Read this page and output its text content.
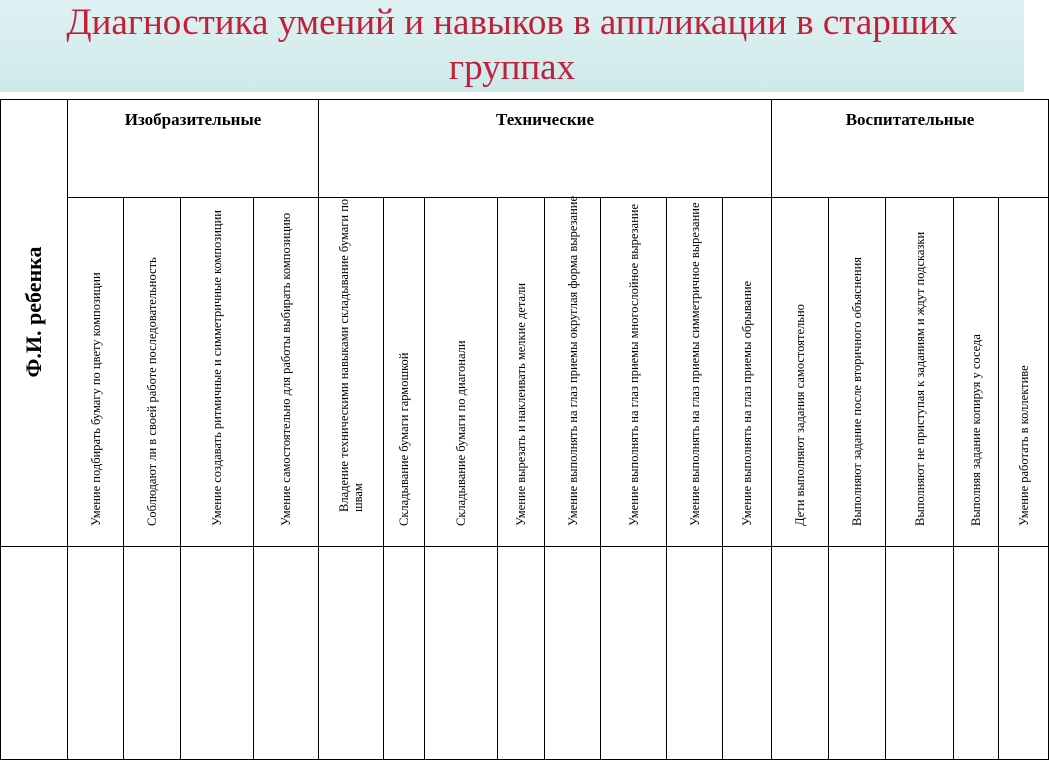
Диагностика умений и навыков в аппликации в старших группах
Ф.И. ребенка	Изобразительные				Технические								Воспитательные				

	Умение подбирать бумагу по цвету композиции	Соблюдают ли в своей работе последовательность	Умение создавать ритмичные и симметричные композиции	Умение самостоятельно для работы выбирать композицию	Владение техническими навыками складывание бумаги по швам	Складывание бумаги гармошкой	Складывание бумаги по диагонали	Умение вырезать и наклеивать мелкие детали	Умение выполнять на глаз приемы округлая форма вырезание	Умение выполнять на глаз приемы многослойное вырезание	Умение выполнять на глаз приемы симметричное вырезание	Умение выполнять на глаз приемы обрывание	Дети выполняют задания самостоятельно	Выполняют задание после вторичного объяснения	Выполняют не приступая к заданиям и ждут подсказки	Выполняя задание копируя у соседа	Умение работать в коллективе
